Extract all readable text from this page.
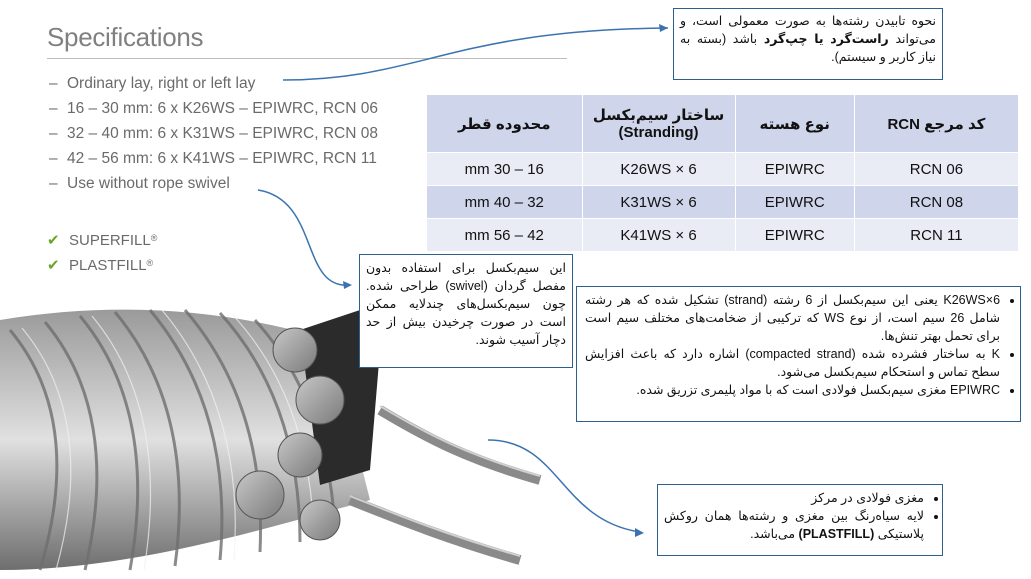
Specifications
– Ordinary lay, right or left lay
– 16 – 30 mm: 6 x K26WS – EPIWRC, RCN 06
– 32 – 40 mm: 6 x K31WS – EPIWRC, RCN 08
– 42 – 56 mm: 6 x K41WS – EPIWRC, RCN 11
– Use without rope swivel
✔ SUPERFILL®
✔ PLASTFILL®
نحوه تابیدن رشته‌ها به صورت معمولی است، و می‌تواند راست‌گرد یا چپ‌گرد باشد (بسته به نیاز کاربر و سیستم).
کد مرجع RCN	نوع هسته	ساختار سیم‌بکسل (Stranding)	محدوده قطر
RCN 06	EPIWRC	6 × K26WS	16 – 30 mm
RCN 08	EPIWRC	6 × K31WS	32 – 40 mm
RCN 11	EPIWRC	6 × K41WS	42 – 56 mm
این سیم‌بکسل برای استفاده بدون مفصل گردان (swivel) طراحی شده. چون سیم‌بکسل‌های چندلایه ممکن است در صورت چرخیدن بیش از حد دچار آسیب شوند.
• 6×K26WS یعنی این سیم‌بکسل از 6 رشته (strand) تشکیل شده که هر رشته شامل 26 سیم است، از نوع WS که ترکیبی از ضخامت‌های مختلف سیم است برای تحمل بهتر تنش‌ها.
• K به ساختار فشرده شده (compacted strand) اشاره دارد که باعث افزایش سطح تماس و استحکام سیم‌بکسل می‌شود.
• EPIWRC مغزی سیم‌بکسل فولادی است که با مواد پلیمری تزریق شده.
• مغزی فولادی در مرکز
• لایه سیاه‌رنگ بین مغزی و رشته‌ها همان روکش پلاستیکی (PLASTFILL) می‌باشد.
